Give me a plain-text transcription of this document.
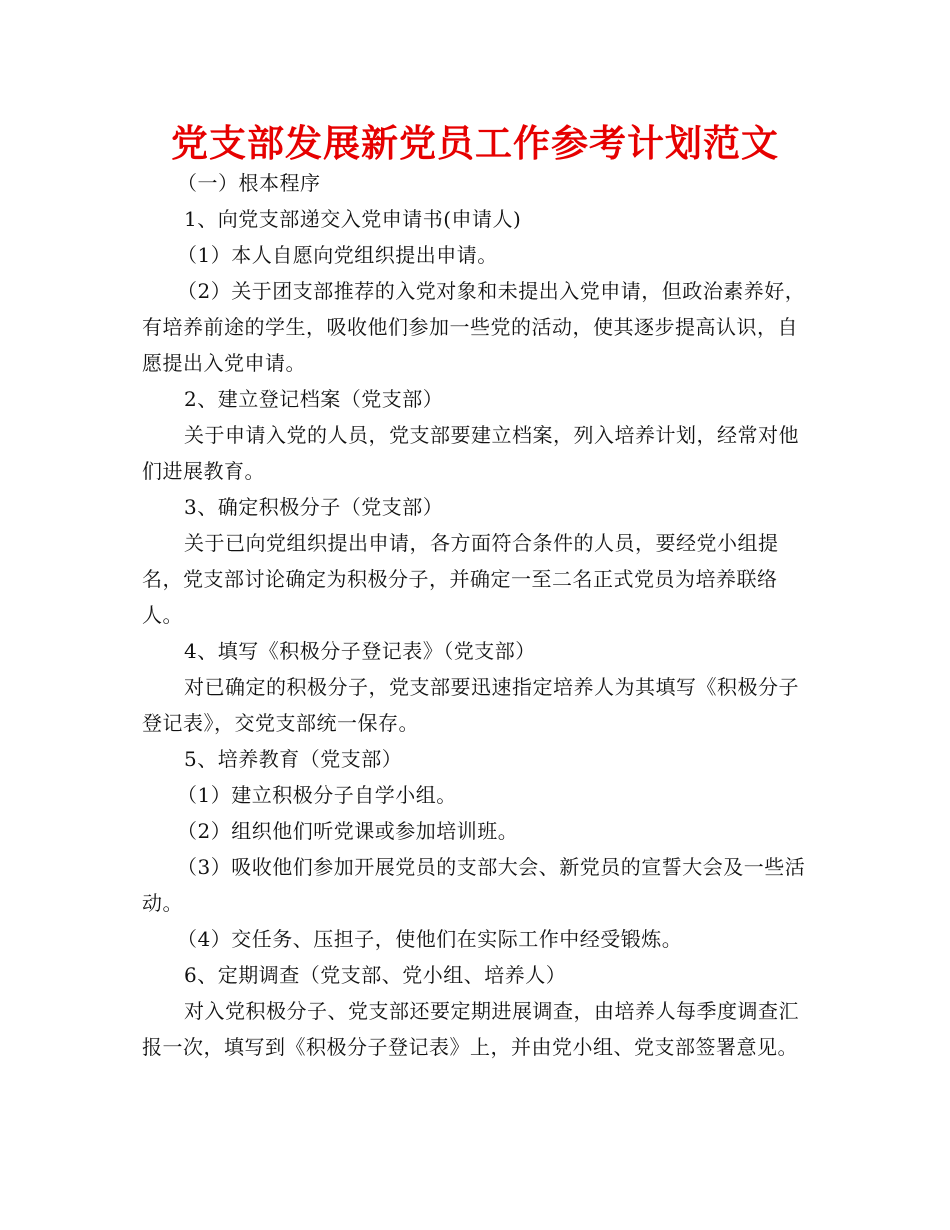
党支部发展新党员工作参考计划范文

（一）根本程序

1、向党支部递交入党申请书(申请人)

（1）本人自愿向党组织提出申请。

（2）关于团支部推荐的入党对象和未提出入党申请，但政治素养好，有培养前途的学生，吸收他们参加一些党的活动，使其逐步提高认识，自愿提出入党申请。

2、建立登记档案（党支部）

关于申请入党的人员，党支部要建立档案，列入培养计划，经常对他们进展教育。

3、确定积极分子（党支部）

关于已向党组织提出申请，各方面符合条件的人员，要经党小组提名，党支部讨论确定为积极分子，并确定一至二名正式党员为培养联络人。

4、填写《积极分子登记表》（党支部）

对已确定的积极分子，党支部要迅速指定培养人为其填写《积极分子登记表》，交党支部统一保存。

5、培养教育（党支部）

（1）建立积极分子自学小组。

（2）组织他们听党课或参加培训班。

（3）吸收他们参加开展党员的支部大会、新党员的宣誓大会及一些活动。

（4）交任务、压担子，使他们在实际工作中经受锻炼。

6、定期调查（党支部、党小组、培养人）

对入党积极分子、党支部还要定期进展调查，由培养人每季度调查汇报一次，填写到《积极分子登记表》上，并由党小组、党支部签署意见。
